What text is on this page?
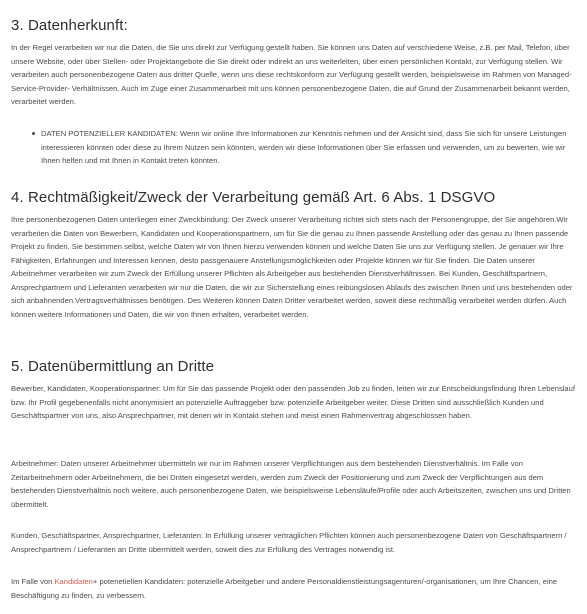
3. Datenherkunft:

In der Regel verarbeiten wir nur die Daten, die Sie uns direkt zur Verfügung gestellt haben. Sie können uns Daten auf verschiedene Weise, z.B. per Mail, Telefon, über unsere Website, oder über Stellen- oder Projektangebote die Sie direkt oder indirekt an uns weiterleiten, über einen persönlichen Kontakt, zur Verfügung stellen. Wir verarbeiten auch personenbezogene Daten aus dritter Quelle, wenn uns diese rechtskonform zur Verfügung gestellt werden, beispielsweise im Rahmen von Managed-Service-Provider- Verhältnissen. Auch im Zuge einer Zusammenarbeit mit uns können personenbezogene Daten, die auf Grund der Zusammenarbeit bekannt werden, verarbeitet werden.

DATEN POTENZIELLER KANDIDATEN: Wenn wir online Ihre Informationen zur Kenntnis nehmen und der Ansicht sind, dass Sie sich für unsere Leistungen interessieren könnten oder diese zu Ihrem Nutzen sein könnten, werden wir diese Informationen über Sie erfassen und verwenden, um zu bewerten, wie wir Ihnen helfen und mit Ihnen in Kontakt treten könnten.
4. Rechtmäßigkeit/Zweck der Verarbeitung gemäß Art. 6 Abs. 1 DSGVO

Ihre personenbezogenen Daten unterliegen einer Zweckbindung: Der Zweck unserer Verarbeitung richtet sich stets nach der Personengruppe, der Sie angehören.Wir verarbeiten die Daten von Bewerbern, Kandidaten und Kooperationspartnern, um für Sie die genau zu Ihnen passende Anstellung oder das genau zu Ihnen passende Projekt zu finden. Sie bestimmen selbst, welche Daten wir von Ihnen hierzu verwenden können und welche Daten Sie uns zur Verfügung stellen. Je genauer wir Ihre Fähigkeiten, Erfahrungen und Interessen kennen, desto passgenauere Anstellungsmöglichkeiten oder Projekte können wir für Sie finden. Die Daten unserer Arbeitnehmer verarbeiten wir zum Zweck der Erfüllung unserer Pflichten als Arbeitgeber aus bestehenden Dienstverhältnissen. Bei Kunden, Geschäftspartnern, Ansprechpartnern und Lieferanten verarbeiten wir nur die Daten, die wir zur Sicherstellung eines reibungslosen Ablaufs des zwischen Ihnen und uns bestehenden oder sich anbahnenden Vertragsverhältnisses benötigen. Des Weiteren können Daten Dritter verarbeitet werden, soweit diese rechtmäßig verarbeitet werden dürfen. Auch können weitere Informationen und Daten, die wir von Ihnen erhalten, verarbeitet werden.

5. Datenübermittlung an Dritte

Bewerber, Kandidaten, Kooperationspartner: Um für Sie das passende Projekt oder den passenden Job zu finden, leiten wir zur Entscheidungsfindung Ihren Lebenslauf bzw. Ihr Profil gegebenenfalls nicht anonymisiert an potenzielle Auftraggeber bzw. potenzielle Arbeitgeber weiter. Diese Dritten sind ausschließlich Kunden und Geschäftspartner von uns, also Ansprechpartner, mit denen wir in Kontakt stehen und meist einen Rahmenvertrag abgeschlossen haben.

Arbeitnehmer: Daten unserer Arbeitnehmer übermitteln wir nur im Rahmen unserer Verpflichtungen aus dem bestehenden Dienstverhältnis. Im Falle von Zeitarbeitnehmern oder Arbeitnehmern, die bei Dritten eingesetzt werden, werden zum Zweck der Positionierung und zum Zweck der Verpflichtungen aus dem bestehenden Dienstverhältnis noch weitere, auch personenbezogene Daten, wie beispielsweise Lebensläufe/Profile oder auch Arbeitszeiten, zwischen uns und Dritten übermittelt.

Kunden, Geschäftspartner, Ansprechpartner, Lieferanten: In Erfüllung unserer vertraglichen Pflichten können auch personenbezogene Daten von Geschäftspartnern / Ansprechpartnern / Lieferanten an Dritte übermittelt werden, soweit dies zur Erfüllung des Vertrages notwendig ist.

Im Falle von Kandidaten+ potenetiellen Kandidaten: potenzielle Arbeitgeber und andere Personaldienstleistungsagenturen/-organisationen, um Ihre Chancen, eine Beschäftigung zu finden, zu verbessern.
